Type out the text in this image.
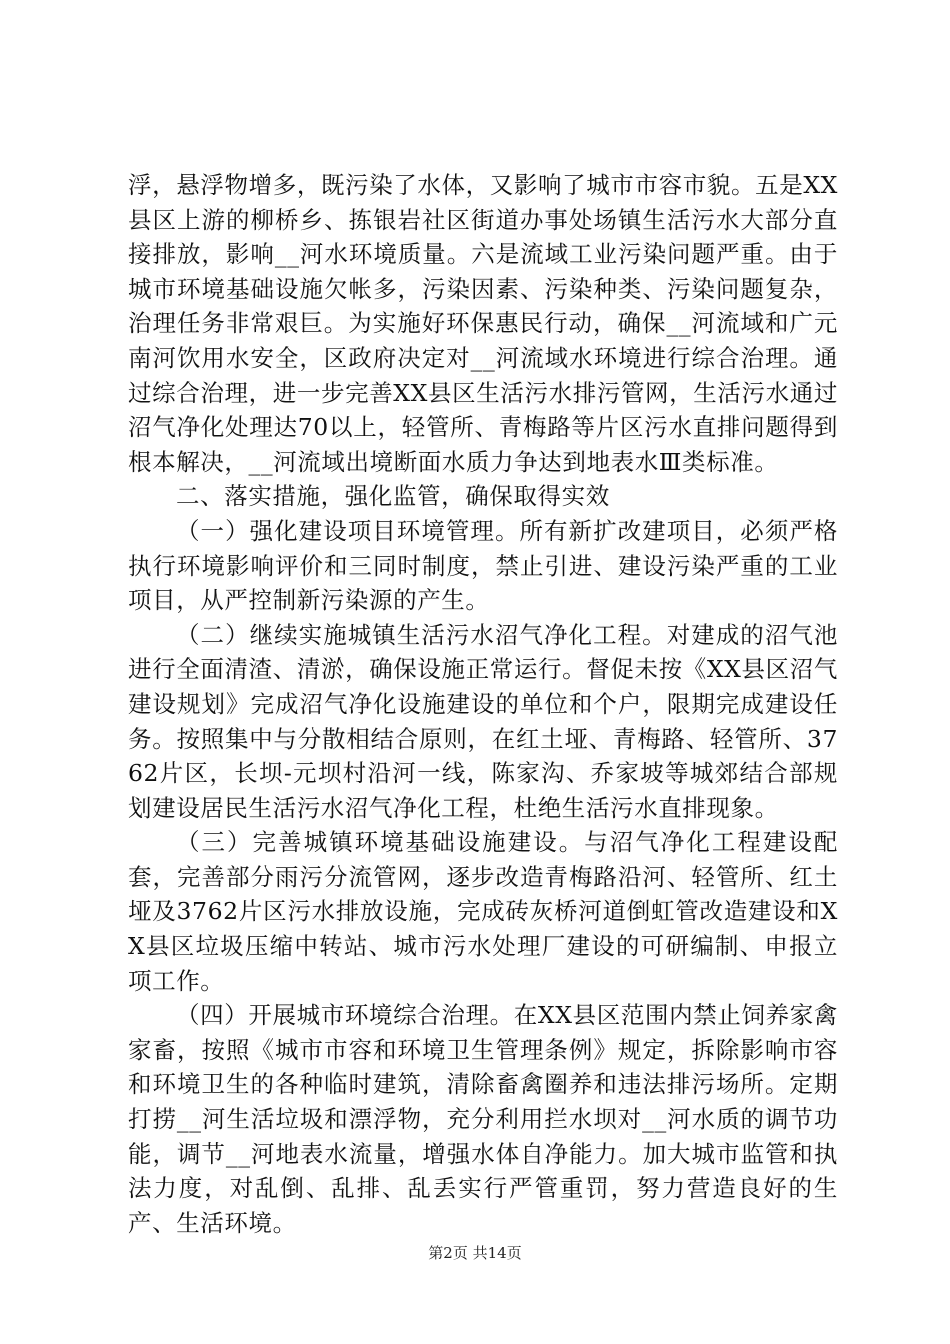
浮，悬浮物增多，既污染了水体，又影响了城市市容市貌。五是XX县区上游的柳桥乡、拣银岩社区街道办事处场镇生活污水大部分直接排放，影响__河水环境质量。六是流域工业污染问题严重。由于城市环境基础设施欠帐多，污染因素、污染种类、污染问题复杂，治理任务非常艰巨。为实施好环保惠民行动，确保__河流域和广元南河饮用水安全，区政府决定对__河流域水环境进行综合治理。通过综合治理，进一步完善XX县区生活污水排污管网，生活污水通过沼气净化处理达70以上，轻管所、青梅路等片区污水直排问题得到根本解决，__河流域出境断面水质力争达到地表水Ⅲ类标准。

二、落实措施，强化监管，确保取得实效

（一）强化建设项目环境管理。所有新扩改建项目，必须严格执行环境影响评价和三同时制度，禁止引进、建设污染严重的工业项目，从严控制新污染源的产生。

（二）继续实施城镇生活污水沼气净化工程。对建成的沼气池进行全面清渣、清淤，确保设施正常运行。督促未按《XX县区沼气建设规划》完成沼气净化设施建设的单位和个户，限期完成建设任务。按照集中与分散相结合原则，在红土垭、青梅路、轻管所、3762片区，长坝-元坝村沿河一线，陈家沟、乔家坡等城郊结合部规划建设居民生活污水沼气净化工程，杜绝生活污水直排现象。

（三）完善城镇环境基础设施建设。与沼气净化工程建设配套，完善部分雨污分流管网，逐步改造青梅路沿河、轻管所、红土垭及3762片区污水排放设施，完成砖灰桥河道倒虹管改造建设和XX县区垃圾压缩中转站、城市污水处理厂建设的可研编制、申报立项工作。

（四）开展城市环境综合治理。在XX县区范围内禁止饲养家禽家畜，按照《城市市容和环境卫生管理条例》规定，拆除影响市容和环境卫生的各种临时建筑，清除畜禽圈养和违法排污场所。定期打捞__河生活垃圾和漂浮物，充分利用拦水坝对__河水质的调节功能，调节__河地表水流量，增强水体自净能力。加大城市监管和执法力度，对乱倒、乱排、乱丢实行严管重罚，努力营造良好的生产、生活环境。

第2页 共14页
